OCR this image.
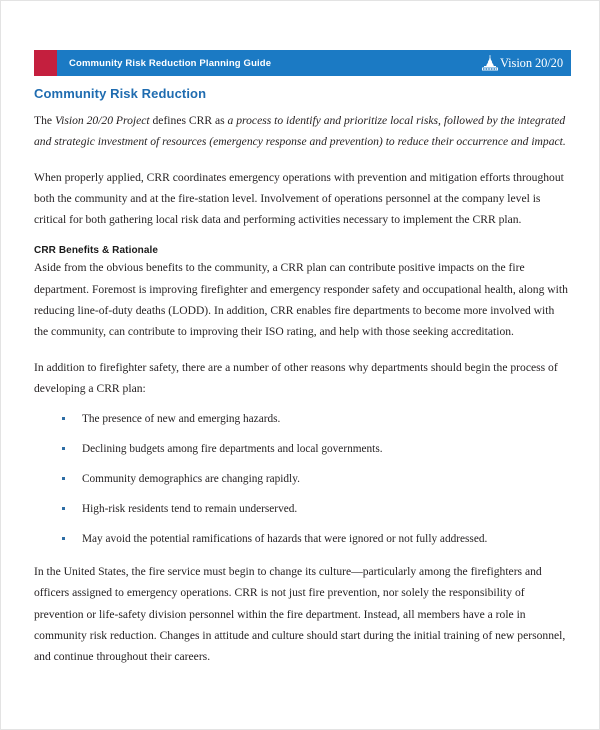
Community Risk Reduction Planning Guide	Vision 20/20
Community Risk Reduction

The Vision 20/20 Project defines CRR as a process to identify and prioritize local risks, followed by the integrated and strategic investment of resources (emergency response and prevention) to reduce their occurrence and impact.

When properly applied, CRR coordinates emergency operations with prevention and mitigation efforts throughout both the community and at the fire-station level. Involvement of operations personnel at the company level is critical for both gathering local risk data and performing activities necessary to implement the CRR plan.

CRR Benefits & Rationale

Aside from the obvious benefits to the community, a CRR plan can contribute positive impacts on the fire department. Foremost is improving firefighter and emergency responder safety and occupational health, along with reducing line-of-duty deaths (LODD). In addition, CRR enables fire departments to become more involved with the community, can contribute to improving their ISO rating, and help with those seeking accreditation.

In addition to firefighter safety, there are a number of other reasons why departments should begin the process of developing a CRR plan:

The presence of new and emerging hazards.
Declining budgets among fire departments and local governments.
Community demographics are changing rapidly.
High-risk residents tend to remain underserved.
May avoid the potential ramifications of hazards that were ignored or not fully addressed.

In the United States, the fire service must begin to change its culture—particularly among the firefighters and officers assigned to emergency operations. CRR is not just fire prevention, nor solely the responsibility of prevention or life-safety division personnel within the fire department. Instead, all members have a role in community risk reduction. Changes in attitude and culture should start during the initial training of new personnel, and continue throughout their careers.
